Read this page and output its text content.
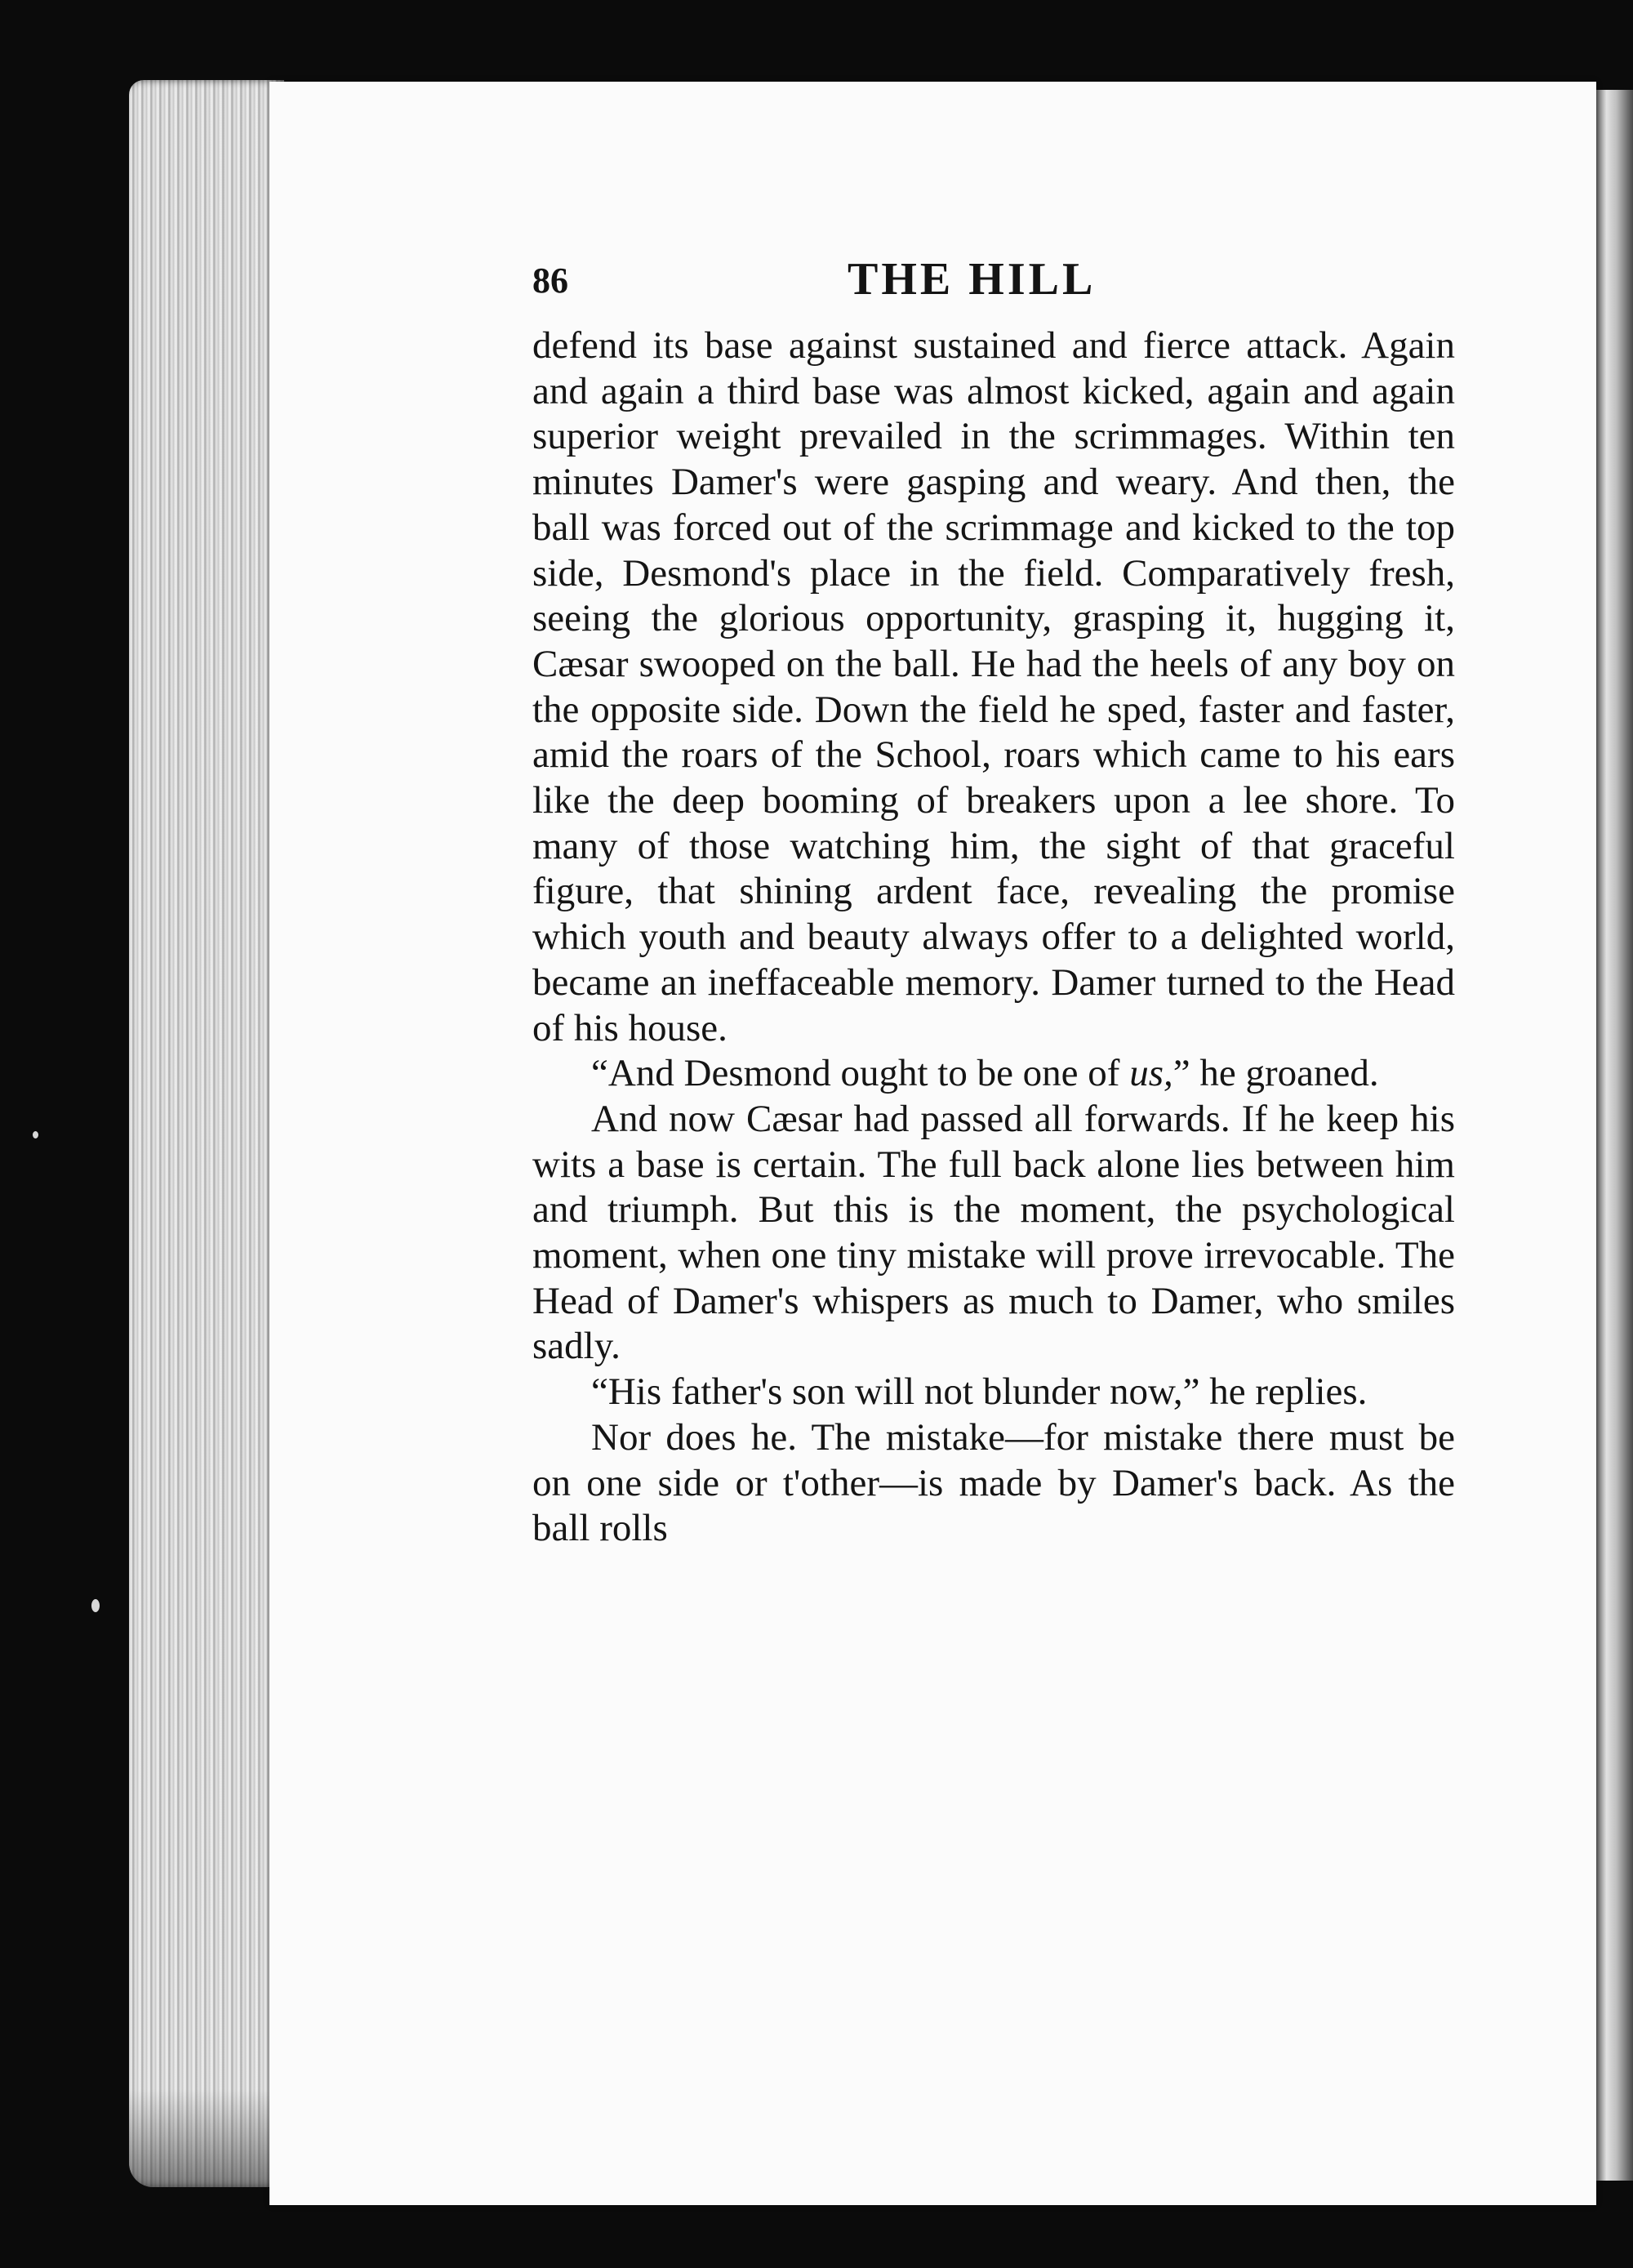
86	THE HILL

defend its base against sustained and fierce attack. Again and again a third base was almost kicked, again and again superior weight prevailed in the scrimmages. Within ten minutes Damer's were gasping and weary. And then, the ball was forced out of the scrimmage and kicked to the top side, Desmond's place in the field. Comparatively fresh, seeing the glorious opportunity, grasping it, hugging it, Cæsar swooped on the ball. He had the heels of any boy on the opposite side. Down the field he sped, faster and faster, amid the roars of the School, roars which came to his ears like the deep booming of breakers upon a lee shore. To many of those watching him, the sight of that graceful figure, that shining ardent face, revealing the promise which youth and beauty always offer to a delighted world, became an ineffaceable memory. Damer turned to the Head of his house.

“And Desmond ought to be one of us,” he groaned.

And now Cæsar had passed all forwards. If he keep his wits a base is certain. The full back alone lies between him and triumph. But this is the moment, the psychological moment, when one tiny mistake will prove irrevocable. The Head of Damer's whispers as much to Damer, who smiles sadly.

“His father's son will not blunder now,” he replies.

Nor does he. The mistake—for mistake there must be on one side or t'other—is made by Damer's back. As the ball rolls
